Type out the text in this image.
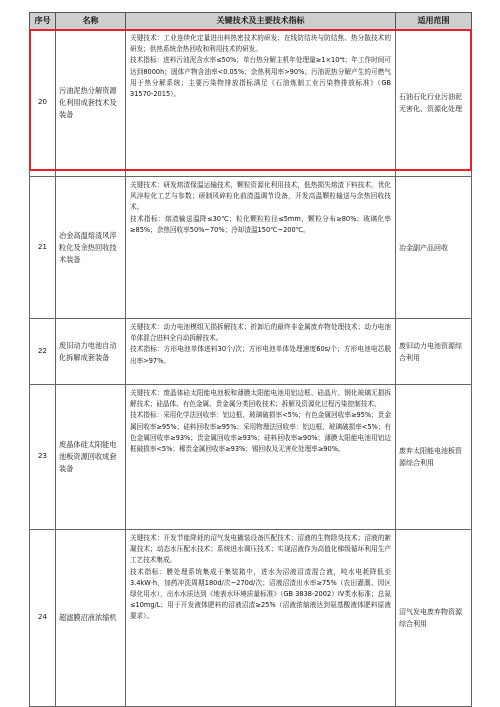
序号	名称	关键技术及主要技术指标	适用范围
20	污油泥热分解资源化利用成套技术及装备	关键技术：工业连续化定量进出料热密技术的研发；在线防结块与防结焦、热分散技术的研发；供热系统余热回收和利用技术的研发。

技术指标：进料污油泥含水率≤50%；单台热分解主机年处理量≥1×10⁴t；年工作时间可达到8000h；固体产物含油率<0.05%；余热利用率>90%；污油泥热分解产生的可燃气用于热分解系统；主要污染物排放指标满足《石油炼制工业污染物排放标准》（GB 31570-2015）。	石油石化行业污油泥无害化、资源化处理
21	冶金高温熔渣风淬粒化及余热回收技术装备	关键技术：研发熔渣保温运输技术，颗粒资源化利用技术，低热损失熔渣下料技术，优化风淬粒化工艺与参数；研制风碎粒化前渣温调节设备，开发高温颗粒输送与余热回收技术。

技术指标：熔渣输送温降≤30℃；粒化颗粒粒径≤5mm，颗粒分布≥80%；玻璃化率≥85%；余热回收率50%~70%；冷却渣温150℃~200℃。	冶金副产品回收
22	废旧动力电池自动化拆解成套装备	关键技术：动力电池模组无损拆解技术；折卸后的最终非金属废弃物处理技术；动力电池单体混合进料全自动拆解技术。

技术指标：方形电池单体进料30个/次；方形电池单体处理速度60s/个；方形电池电芯脱出率>97%。	废旧动力电池资源综合利用
23	废晶体硅太阳能电池板资源回收成套装备	关键技术：废晶体硅太阳能电池板和薄膜太阳能电池用铝边框、硅晶片、钢化玻璃无损拆解技术；硅晶体、有色金属、贵金属分类回收技术；拆解及资源化过程污染控制技术。

技术指标：采用化学法回收率：铝边框、玻璃破损率<5%；有色金属回收率≥95%；贵金属回收率≥95%；硅料回收率≥95%；采用物理法回收率：铝边框、玻璃破损率<5%；有色金属回收率≥93%；贵金属回收率≥93%；硅料回收率≥90%；薄膜太阳能电池用铝边框破损率<5%；稀贵金属回收率≥93%；锡回收及无害化处理率≥90%。	废弃太阳能电池板资源综合利用
24	超滤膜沼液浓缩机	关键技术：开发节能降耗的沼气发电撬装设备匹配技术；沼液的生物除臭技术；沼液的絮凝技术；动态水压配水技术；系统进水调压技术；实现沼液作为高值化梯级循环利用生产工艺技术集成。

技术指标：膜处理系统集成于集装箱中，进水为沼液沼渣混合液，吨水电耗降低至3.4kW·h，加药冲洗周期180d/次~270d/次；沼液沼渣出水率≥75%（农田灌溉、园区绿化用水），出水水质达到《地表水环境质量标准》（GB 3838-2002）IV类水标准；总氮≤10mg/L；用于开发液体肥料的沼液沼渣≥25%（沼液浓缩液达到氨基酸液体肥料原液要求）。	沼气发电废弃物资源综合利用
